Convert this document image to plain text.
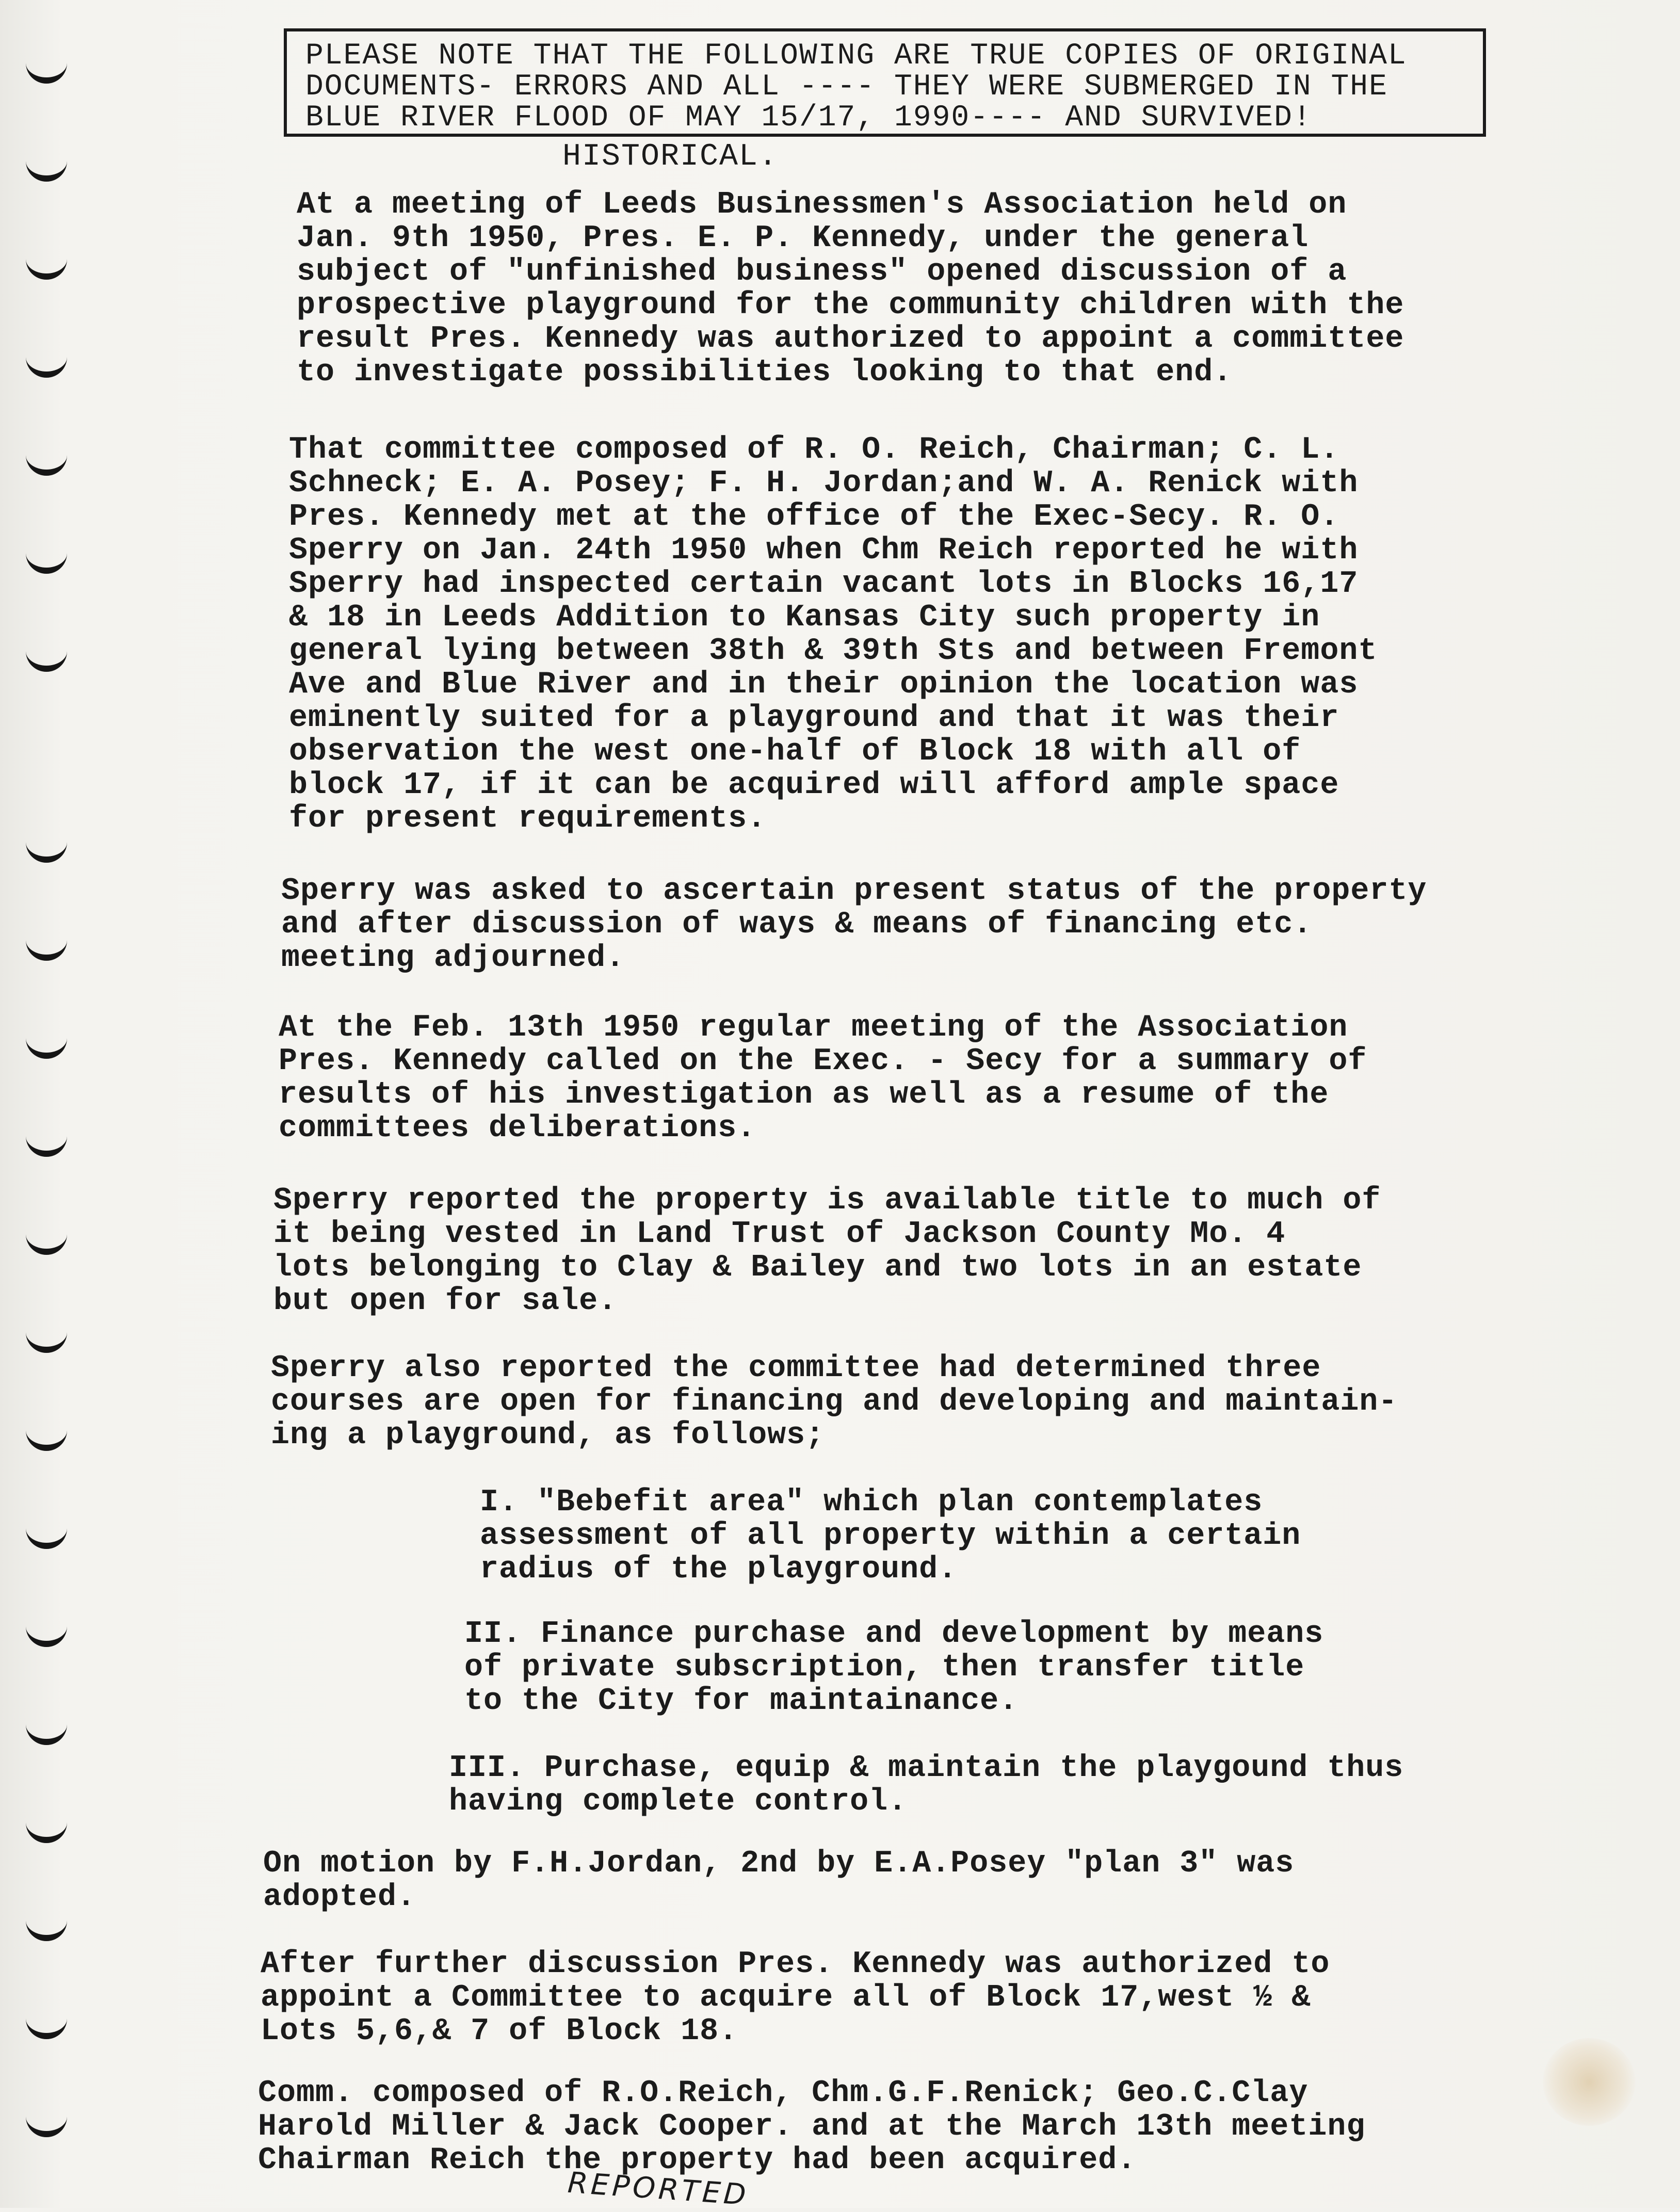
PLEASE NOTE THAT THE FOLLOWING ARE TRUE COPIES OF ORIGINAL
DOCUMENTS- ERRORS AND ALL ---- THEY WERE SUBMERGED IN THE
BLUE RIVER FLOOD OF MAY 15/17, 1990---- AND SURVIVED!
HISTORICAL.
At a meeting of Leeds Businessmen's Association held on
Jan. 9th 1950, Pres. E. P. Kennedy, under the general
subject of "unfinished business" opened discussion of a
prospective playground for the community children with the
result Pres. Kennedy was authorized to appoint a committee
to investigate possibilities looking to that end.
That committee composed of R. O. Reich, Chairman; C. L.
Schneck; E. A. Posey; F. H. Jordan;and W. A. Renick with
Pres. Kennedy met at the office of the Exec-Secy. R. O.
Sperry on Jan. 24th 1950 when Chm Reich reported he with
Sperry had inspected certain vacant lots in Blocks 16,17
& 18 in Leeds Addition to Kansas City such property in
general lying between 38th & 39th Sts and between Fremont
Ave and Blue River and in their opinion the location was
eminently suited for a playground and that it was their
observation the west one-half of Block 18 with all of
block 17, if it can be acquired will afford ample space
for present requirements.
Sperry was asked to ascertain present status of the property
and after discussion of ways & means of financing etc.
meeting adjourned.
At the Feb. 13th 1950 regular meeting of the Association
Pres. Kennedy called on the Exec. - Secy for a summary of
results of his investigation as well as a resume of the
committees deliberations.
Sperry reported the property is available title to much of
it being vested in Land Trust of Jackson County Mo. 4
lots belonging to Clay & Bailey and two lots in an estate
but open for sale.
Sperry also reported the committee had determined three
courses are open for financing and developing and maintain-
ing a playground, as follows;
I. "Bebefit area" which plan contemplates
assessment of all property within a certain
radius of the playground.
II. Finance purchase and development by means
of private subscription, then transfer title
to the City for maintainance.
III. Purchase, equip & maintain the playgound thus
having complete control.
On motion by F.H.Jordan, 2nd by E.A.Posey "plan 3" was
adopted.
After further discussion Pres. Kennedy was authorized to
appoint a Committee to acquire all of Block 17,west ½ &
Lots 5,6,& 7 of Block 18.
Comm. composed of R.O.Reich, Chm.G.F.Renick; Geo.C.Clay
Harold Miller & Jack Cooper. and at the March 13th meeting
Chairman Reich the property had been acquired.
REPORTED
